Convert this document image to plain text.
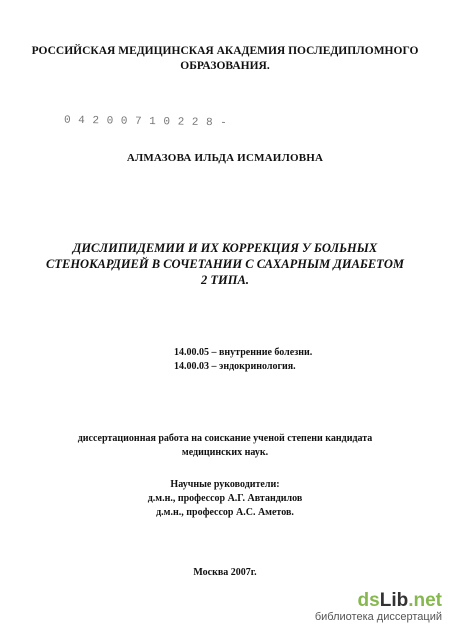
РОССИЙСКАЯ МЕДИЦИНСКАЯ АКАДЕМИЯ ПОСЛЕДИПЛОМНОГО
ОБРАЗОВАНИЯ.
0 4 2 0 0 7 1 0 2 2 8 -
АЛМАЗОВА ИЛЬДА ИСМАИЛОВНА
ДИСЛИПИДЕМИИ И ИХ КОРРЕКЦИЯ У БОЛЬНЫХ
СТЕНОКАРДИЕЙ В СОЧЕТАНИИ С САХАРНЫМ ДИАБЕТОМ
2 ТИПА.
14.00.05 – внутренние болезни.
14.00.03 – эндокринология.
диссертационная работа на соискание ученой степени кандидата
медицинских наук.
Научные руководители:
д.м.н., профессор А.Г. Автандилов
д.м.н., профессор А.С. Аметов.
Москва 2007г.
dsLib.net
библиотека диссертаций
